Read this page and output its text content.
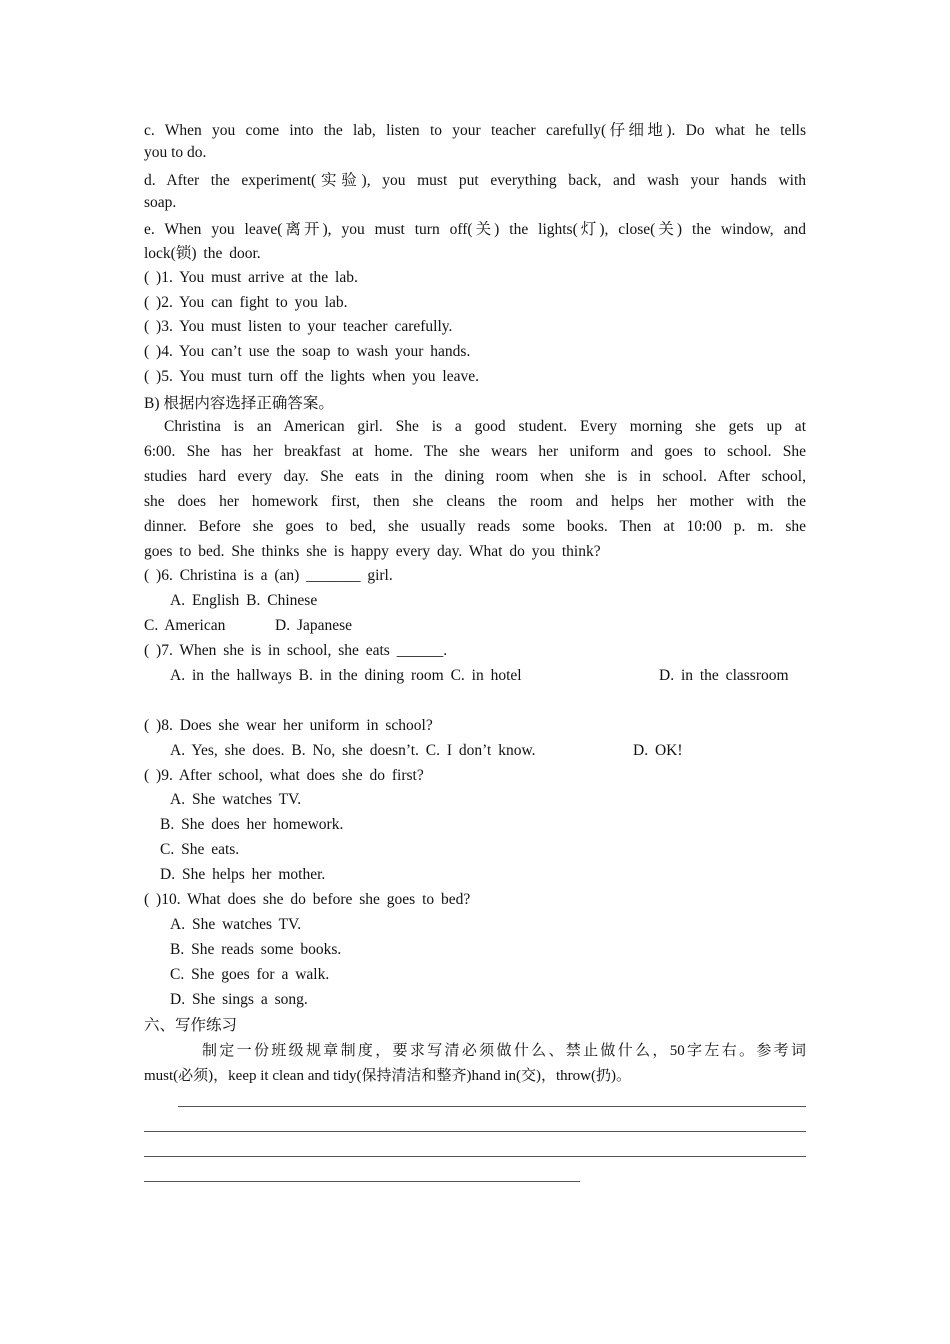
c. When you come into the lab, listen to your teacher carefully(仔细地). Do what he tells
you to do.
d. After the experiment(实验), you must put everything back, and wash your hands with
soap.
e. When you leave(离开), you must turn off(关) the lights(灯), close(关) the window, and
lock(锁) the door.
( )1. You must arrive at the lab.
( )2. You can fight to you lab.
( )3. You must listen to your teacher carefully.
( )4. You can’t use the soap to wash your hands.
( )5. You must turn off the lights when you leave.
B) 根据内容选择正确答案。
Christina is an American girl. She is a good student. Every morning she gets up at
6:00. She has her breakfast at home. The she wears her uniform and goes to school. She
studies hard every day. She eats in the dining room when she is in school. After school,
she does her homework first, then she cleans the room and helps her mother with the
dinner. Before she goes to bed, she usually reads some books. Then at 10:00 p. m. she
goes to bed. She thinks she is happy every day. What do you think?
( )6. Christina is a (an) _______ girl.
A. English B. Chinese
C. American	D. Japanese
( )7. When she is in school, she eats ______.
A. in the hallways B. in the dining room C. in hotel	D. in the classroom
( )8. Does she wear her uniform in school?
A. Yes, she does. B. No, she doesn’t. C. I don’t know.	D. OK!
( )9. After school, what does she do first?
A. She watches TV.
B. She does her homework.
C. She eats.
D. She helps her mother.
( )10. What does she do before she goes to bed?
A. She watches TV.
B. She reads some books.
C. She goes for a walk.
D. She sings a song.
六、写作练习
制定一份班级规章制度，要求写清必须做什么、禁止做什么，50字左右。参考词
must(必须)，keep it clean and tidy(保持清洁和整齐)hand in(交)，throw(扔)。
